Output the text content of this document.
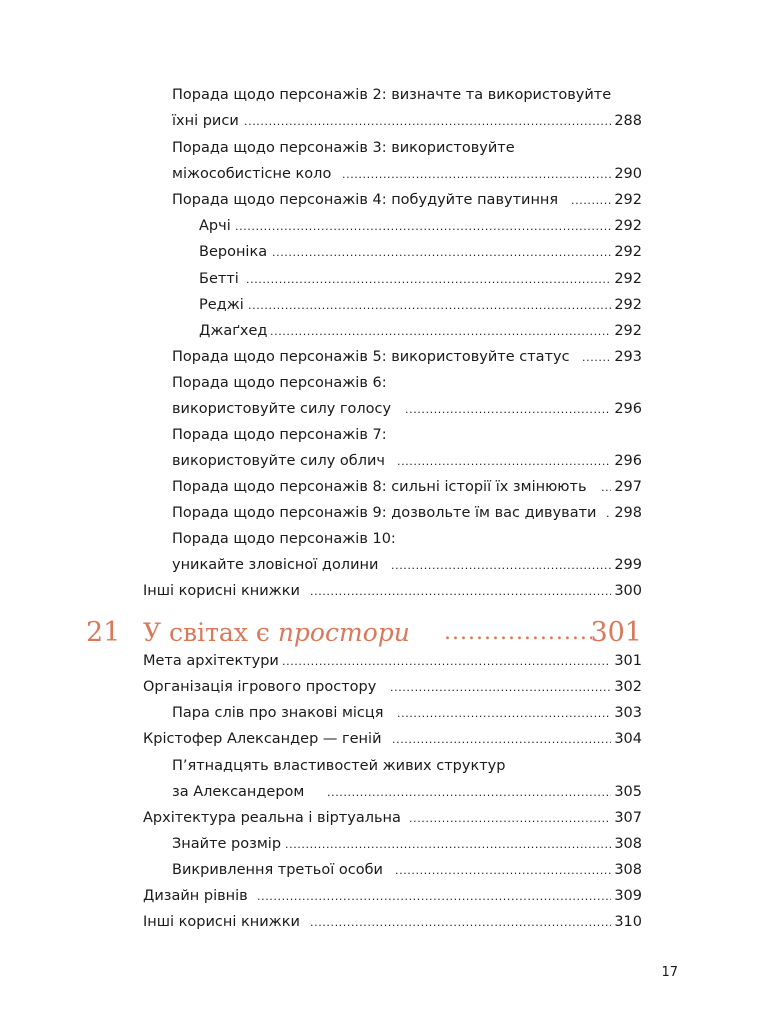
Порада щодо персонажів 2: визначте та використовуйте
їхні риси .....	288
Порада щодо персонажів 3: використовуйте
міжособистісне коло .....	290
Порада щодо персонажів 4: побудуйте павутиння .....	292
Арчі .....	292
Вероніка .....	292
Бетті .....	292
Реджі .....	292
Джаґхед .....	292
Порада щодо персонажів 5: використовуйте статус .....	293
Порада щодо персонажів 6:
використовуйте силу голосу .....	296
Порада щодо персонажів 7:
використовуйте силу облич .....	296
Порада щодо персонажів 8: сильні історії їх змінюють ..... 297
Порада щодо персонажів 9: дозвольте їм вас дивувати ..... 298
Порада щодо персонажів 10:
уникайте зловісної долини .....	299
Інші корисні книжки .....	300
21 У світах є простори .....	301
Мета архітектури .....	301
Організація ігрового простору .....	302
Пара слів про знакові місця .....	303
Крістофер Александер — геній .....	304
П’ятнадцять властивостей живих структур
за Александером .....	305
Архітектура реальна і віртуальна .....	307
Знайте розмір .....	308
Викривлення третьої особи .....	308
Дизайн рівнів .....	309
Інші корисні книжки .....	310
17
